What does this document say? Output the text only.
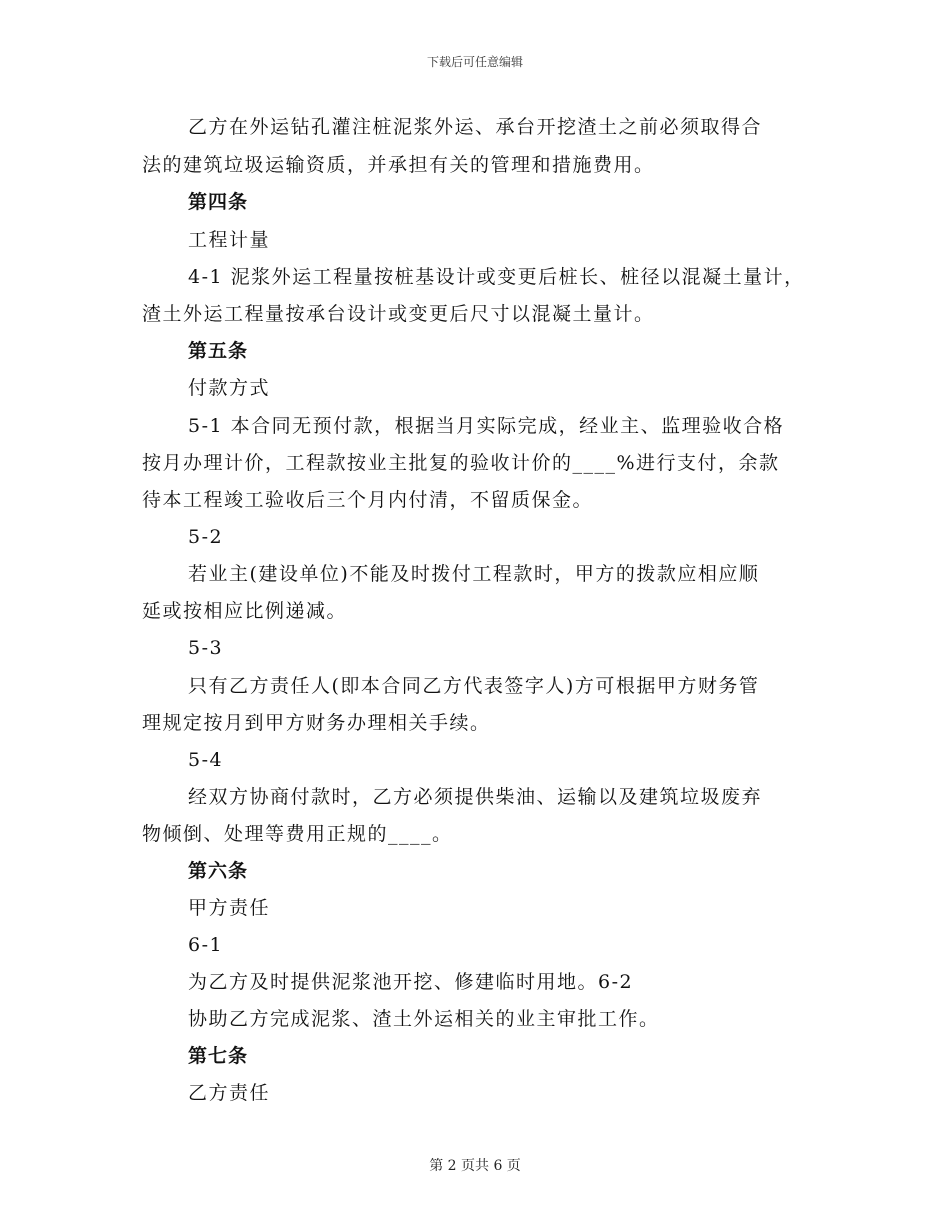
下载后可任意编辑
乙方在外运钻孔灌注桩泥浆外运、承台开挖渣土之前必须取得合
法的建筑垃圾运输资质，并承担有关的管理和措施费用。
第四条
工程计量
4-1 泥浆外运工程量按桩基设计或变更后桩长、桩径以混凝土量计，
渣土外运工程量按承台设计或变更后尺寸以混凝土量计。
第五条
付款方式
5-1 本合同无预付款，根据当月实际完成，经业主、监理验收合格
按月办理计价，工程款按业主批复的验收计价的____%进行支付，余款
待本工程竣工验收后三个月内付清，不留质保金。
5-2
若业主(建设单位)不能及时拨付工程款时，甲方的拨款应相应顺
延或按相应比例递减。
5-3
只有乙方责任人(即本合同乙方代表签字人)方可根据甲方财务管
理规定按月到甲方财务办理相关手续。
5-4
经双方协商付款时，乙方必须提供柴油、运输以及建筑垃圾废弃
物倾倒、处理等费用正规的____。
第六条
甲方责任
6-1
为乙方及时提供泥浆池开挖、修建临时用地。6-2
协助乙方完成泥浆、渣土外运相关的业主审批工作。
第七条
乙方责任
第 2 页共 6 页
